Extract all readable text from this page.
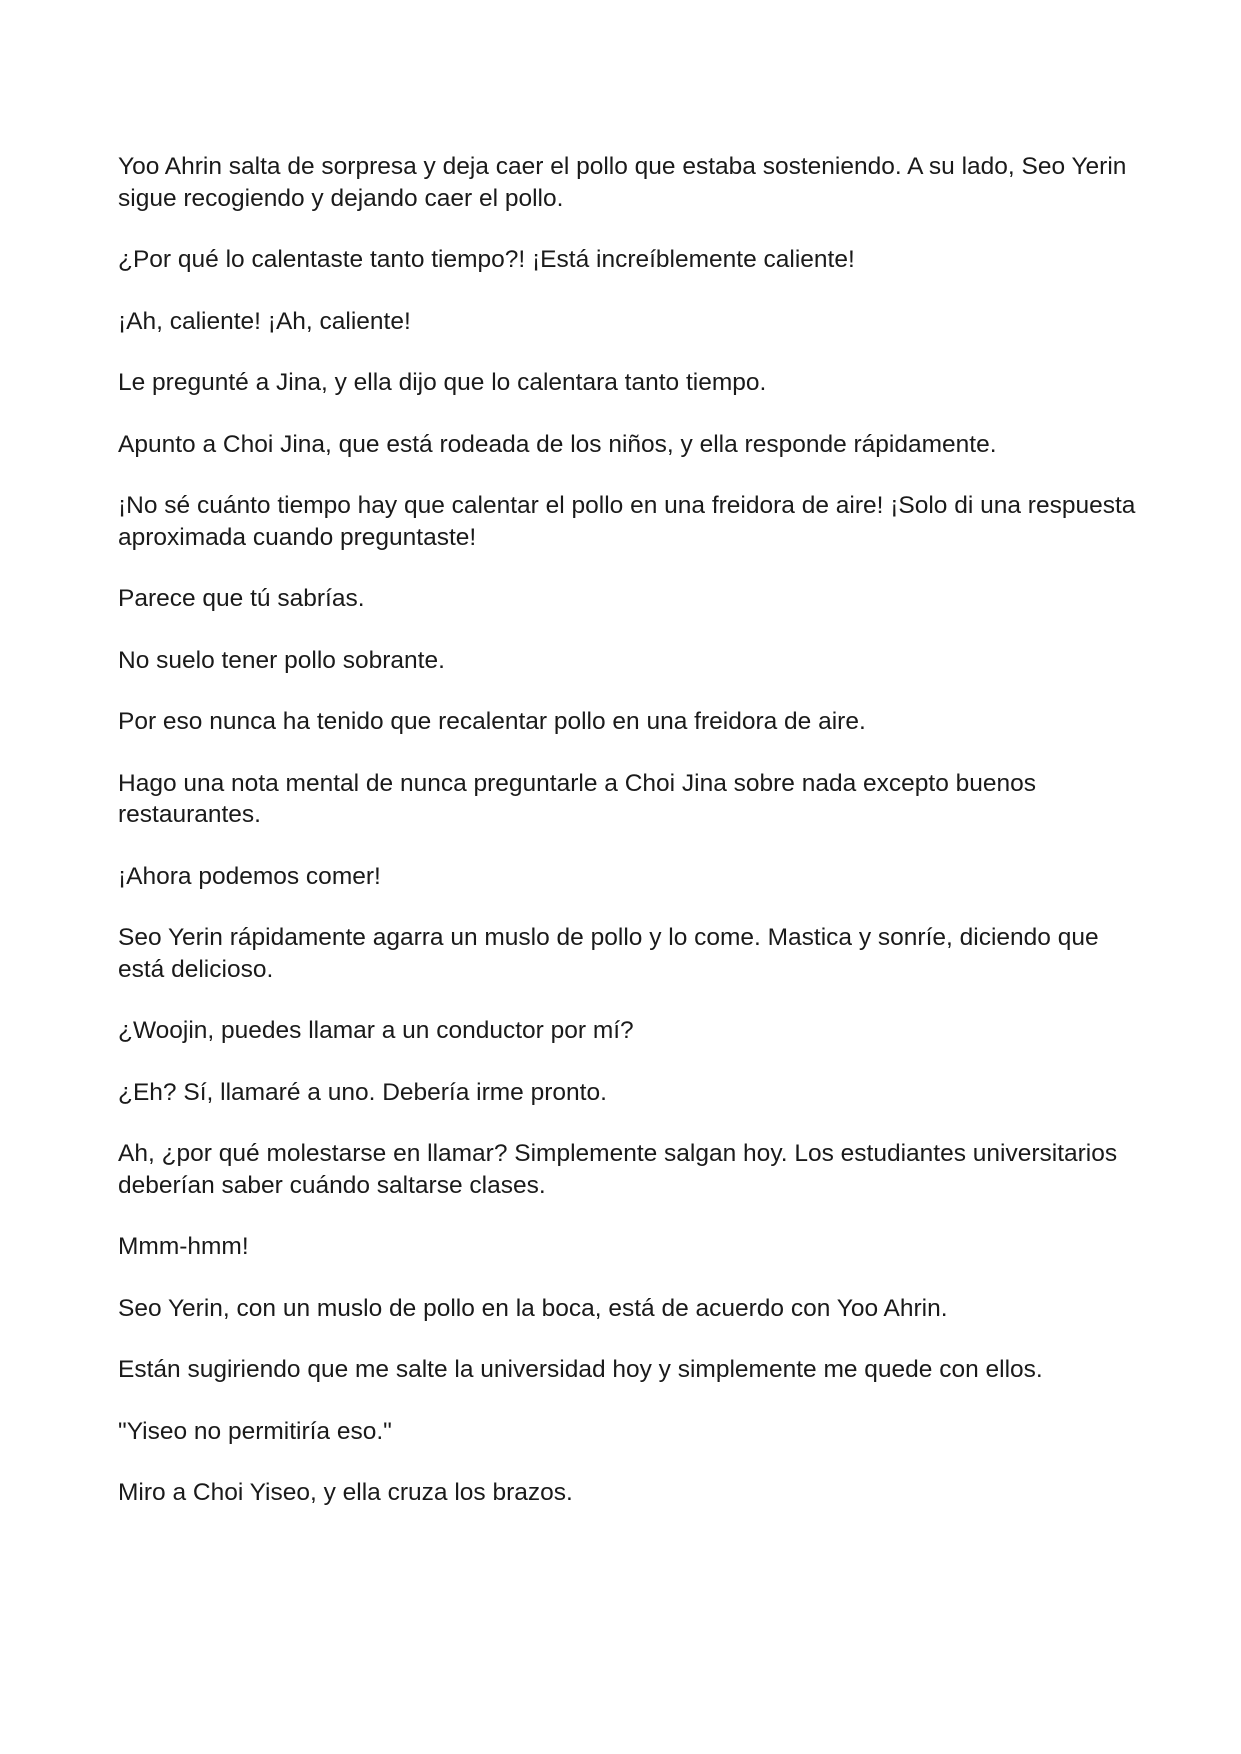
Yoo Ahrin salta de sorpresa y deja caer el pollo que estaba sosteniendo. A su lado, Seo Yerin sigue recogiendo y dejando caer el pollo.

¿Por qué lo calentaste tanto tiempo?! ¡Está increíblemente caliente!

¡Ah, caliente! ¡Ah, caliente!

Le pregunté a Jina, y ella dijo que lo calentara tanto tiempo.

Apunto a Choi Jina, que está rodeada de los niños, y ella responde rápidamente.

¡No sé cuánto tiempo hay que calentar el pollo en una freidora de aire! ¡Solo di una respuesta aproximada cuando preguntaste!

Parece que tú sabrías.

No suelo tener pollo sobrante.

Por eso nunca ha tenido que recalentar pollo en una freidora de aire.

Hago una nota mental de nunca preguntarle a Choi Jina sobre nada excepto buenos restaurantes.

¡Ahora podemos comer!

Seo Yerin rápidamente agarra un muslo de pollo y lo come. Mastica y sonríe, diciendo que está delicioso.

¿Woojin, puedes llamar a un conductor por mí?

¿Eh? Sí, llamaré a uno. Debería irme pronto.

Ah, ¿por qué molestarse en llamar? Simplemente salgan hoy. Los estudiantes universitarios deberían saber cuándo saltarse clases.

Mmm-hmm!

Seo Yerin, con un muslo de pollo en la boca, está de acuerdo con Yoo Ahrin.

Están sugiriendo que me salte la universidad hoy y simplemente me quede con ellos.

"Yiseo no permitiría eso."

Miro a Choi Yiseo, y ella cruza los brazos.
